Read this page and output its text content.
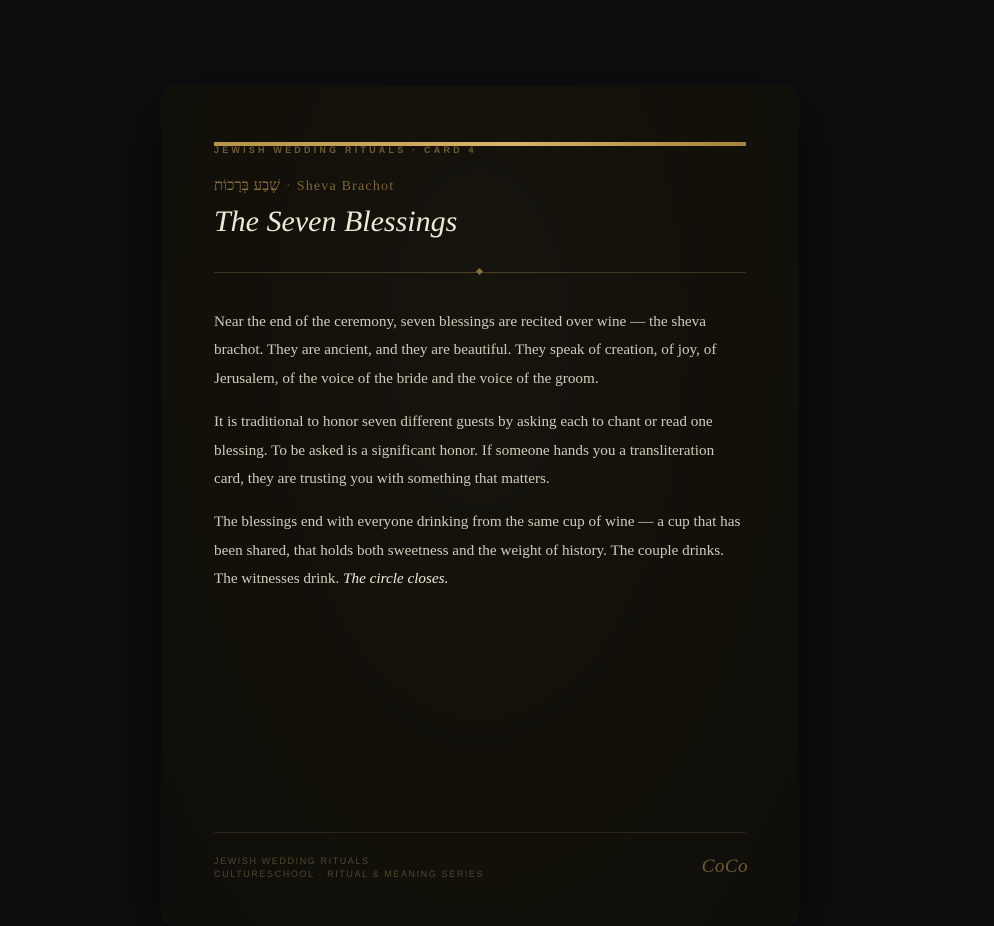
JEWISH WEDDING RITUALS · CARD 4
שֶׁבַע בְּרָכוֹת · Sheva Brachot
The Seven Blessings

Near the end of the ceremony, seven blessings are recited over wine — the sheva brachot. They are ancient, and they are beautiful. They speak of creation, of joy, of Jerusalem, of the voice of the bride and the voice of the groom.

It is traditional to honor seven different guests by asking each to chant or read one blessing. To be asked is a significant honor. If someone hands you a transliteration card, they are trusting you with something that matters.

The blessings end with everyone drinking from the same cup of wine — a cup that has been shared, that holds both sweetness and the weight of history. The couple drinks. The witnesses drink. The circle closes.

JEWISH WEDDING RITUALS
CULTURESCHOOL · RITUAL & MEANING SERIES	CoCo
